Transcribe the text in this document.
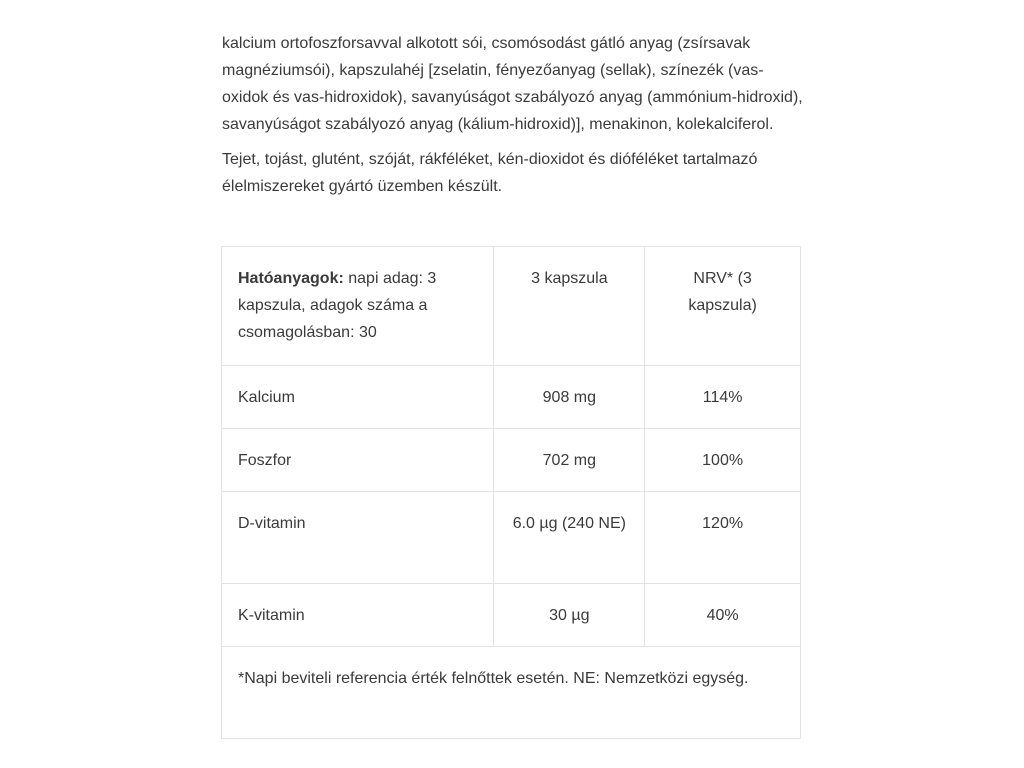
kalcium ortofoszforsavval alkotott sói, csomósodást gátló anyag (zsírsavak magnéziumsói), kapszulahéj [zselatin, fényezőanyag (sellak), színezék (vas-oxidok és vas-hidroxidok), savanyúságot szabályozó anyag (ammónium-hidroxid), savanyúságot szabályozó anyag (kálium-hidroxid)], menakinon, kolekalciferol.

Tejet, tojást, glutént, szóját, rákféléket, kén-dioxidot és dióféléket tartalmazó élelmiszereket gyártó üzemben készült.

Hatóanyagok: napi adag: 3 kapszula, adagok száma a csomagolásban: 30	3 kapszula	NRV* (3 kapszula)
Kalcium	908 mg	114%
Foszfor	702 mg	100%
D-vitamin	6.0 µg (240 NE)	120%
K-vitamin	30 µg	40%
*Napi beviteli referencia érték felnőttek esetén. NE: Nemzetközi egység.		
